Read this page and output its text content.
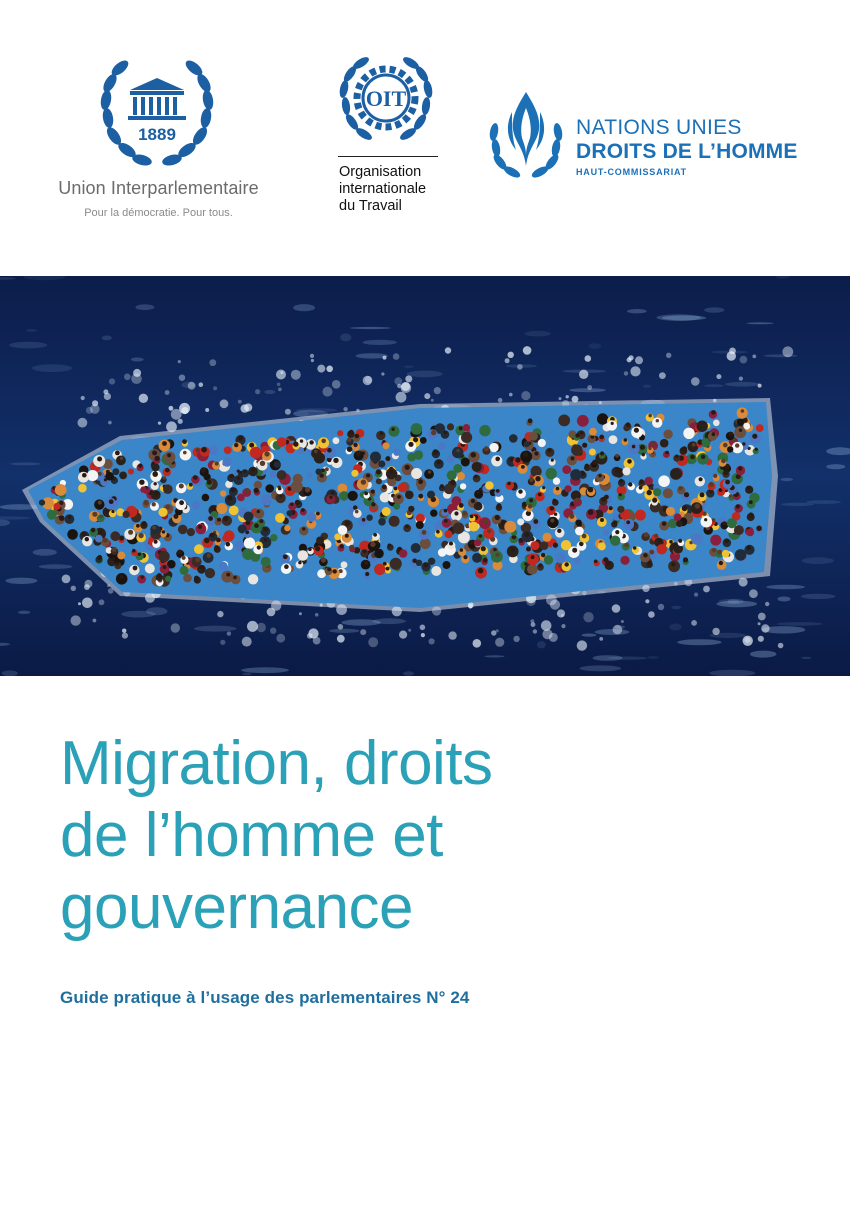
1889
Union Interparlementaire
Pour la démocratie. Pour tous.
OIT
Organisation
internationale
du Travail
NATIONS UNIES
DROITS DE L’HOMME
HAUT-COMMISSARIAT
Migration, droits
de l’homme et
gouvernance

Guide pratique à l’usage des parlementaires N° 24
